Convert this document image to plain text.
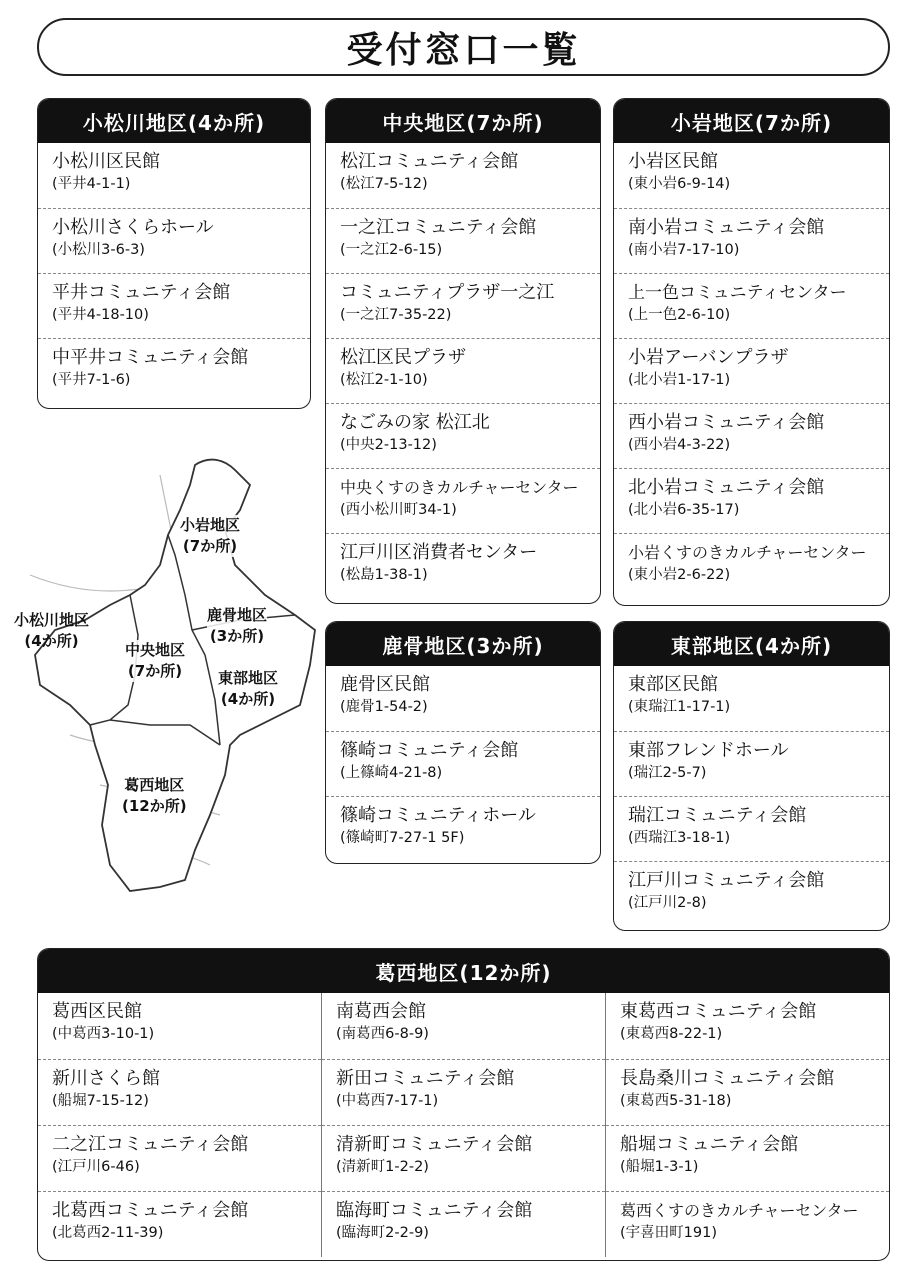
受付窓口一覧
小松川地区(4か所)
小松川区民館
(平井4-1-1)
小松川さくらホール
(小松川3-6-3)
平井コミュニティ会館
(平井4-18-10)
中平井コミュニティ会館
(平井7-1-6)
中央地区(7か所)
松江コミュニティ会館
(松江7-5-12)
一之江コミュニティ会館
(一之江2-6-15)
コミュニティプラザ一之江
(一之江7-35-22)
松江区民プラザ
(松江2-1-10)
なごみの家 松江北
(中央2-13-12)
中央くすのきカルチャーセンター
(西小松川町34-1)
江戸川区消費者センター
(松島1-38-1)
小岩地区(7か所)
小岩区民館
(東小岩6-9-14)
南小岩コミュニティ会館
(南小岩7-17-10)
上一色コミュニティセンター
(上一色2-6-10)
小岩アーバンプラザ
(北小岩1-17-1)
西小岩コミュニティ会館
(西小岩4-3-22)
北小岩コミュニティ会館
(北小岩6-35-17)
小岩くすのきカルチャーセンター
(東小岩2-6-22)
鹿骨地区(3か所)
鹿骨区民館
(鹿骨1-54-2)
篠崎コミュニティ会館
(上篠崎4-21-8)
篠崎コミュニティホール
(篠崎町7-27-1 5F)
東部地区(4か所)
東部区民館
(東瑞江1-17-1)
東部フレンドホール
(瑞江2-5-7)
瑞江コミュニティ会館
(西瑞江3-18-1)
江戸川コミュニティ会館
(江戸川2-8)
小岩地区
(7か所)
小松川地区
(4か所)
鹿骨地区
(3か所)
中央地区
(7か所) 東部地区
(4か所)
葛西地区
(12か所)
葛西地区(12か所)
葛西区民館
(中葛西3-10-1)
新川さくら館
(船堀7-15-12)
二之江コミュニティ会館
(江戸川6-46)
北葛西コミュニティ会館
(北葛西2-11-39)
南葛西会館
(南葛西6-8-9)
新田コミュニティ会館
(中葛西7-17-1)
清新町コミュニティ会館
(清新町1-2-2)
臨海町コミュニティ会館
(臨海町2-2-9)
東葛西コミュニティ会館
(東葛西8-22-1)
長島桑川コミュニティ会館
(東葛西5-31-18)
船堀コミュニティ会館
(船堀1-3-1)
葛西くすのきカルチャーセンター
(宇喜田町191)
